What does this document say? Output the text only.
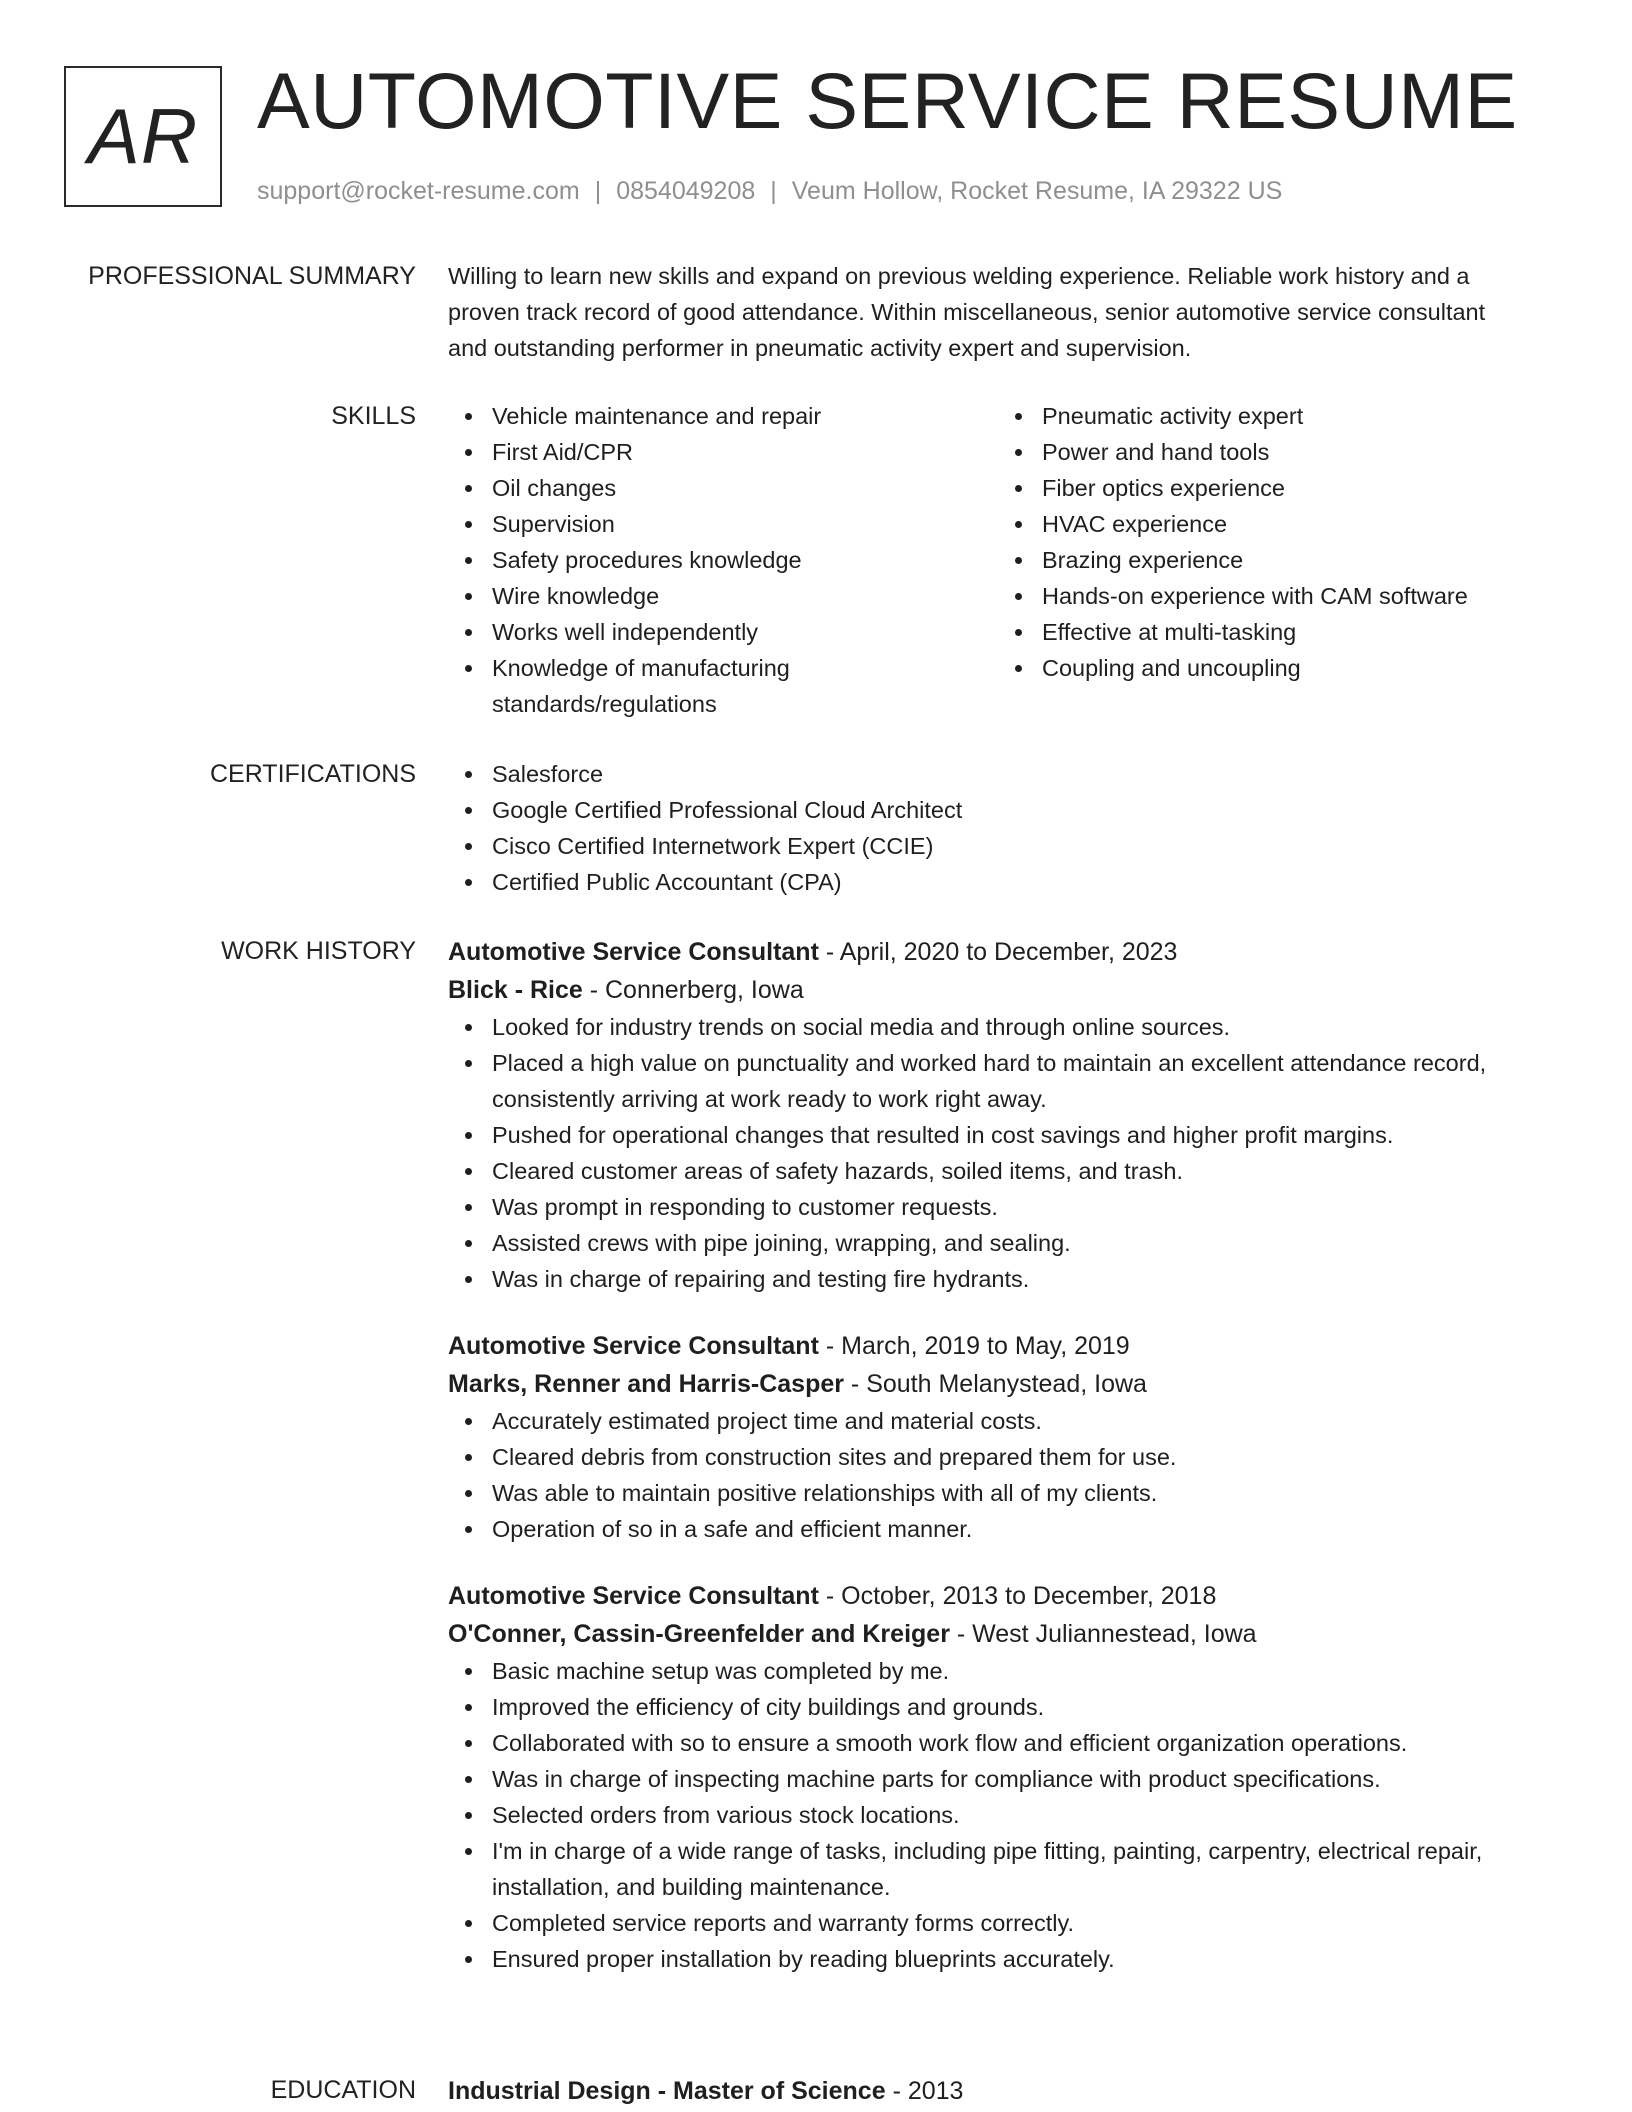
AR AUTOMOTIVE SERVICE RESUME
support@rocket-resume.com | 0854049208 | Veum Hollow, Rocket Resume, IA 29322 US
PROFESSIONAL SUMMARY Willing to learn new skills and expand on previous welding experience. Reliable work history and a
proven track record of good attendance. Within miscellaneous, senior automotive service consultant
and outstanding performer in pneumatic activity expert and supervision.
SKILLS	Vehicle maintenance and repair
First Aid/CPR
Oil changes
Supervision
Safety procedures knowledge
Wire knowledge
Works well independently
Knowledge of manufacturing standards/regulations
Pneumatic activity expert
Power and hand tools
Fiber optics experience
HVAC experience
Brazing experience
Hands-on experience with CAM software
Effective at multi-tasking
Coupling and uncoupling
CERTIFICATIONS	Salesforce
Google Certified Professional Cloud Architect
Cisco Certified Internetwork Expert (CCIE)
Certified Public Accountant (CPA)
WORK HISTORY Automotive Service Consultant - April, 2020 to December, 2023
Blick - Rice - Connerberg, Iowa
Looked for industry trends on social media and through online sources.
Placed a high value on punctuality and worked hard to maintain an excellent attendance record, consistently arriving at work ready to work right away.
Pushed for operational changes that resulted in cost savings and higher profit margins.
Cleared customer areas of safety hazards, soiled items, and trash.
Was prompt in responding to customer requests.
Assisted crews with pipe joining, wrapping, and sealing.
Was in charge of repairing and testing fire hydrants.
Automotive Service Consultant - March, 2019 to May, 2019
Marks, Renner and Harris-Casper - South Melanystead, Iowa
Accurately estimated project time and material costs.
Cleared debris from construction sites and prepared them for use.
Was able to maintain positive relationships with all of my clients.
Operation of so in a safe and efficient manner.
Automotive Service Consultant - October, 2013 to December, 2018
O'Conner, Cassin-Greenfelder and Kreiger - West Juliannestead, Iowa
Basic machine setup was completed by me.
Improved the efficiency of city buildings and grounds.
Collaborated with so to ensure a smooth work flow and efficient organization operations.
Was in charge of inspecting machine parts for compliance with product specifications.
Selected orders from various stock locations.
I'm in charge of a wide range of tasks, including pipe fitting, painting, carpentry, electrical repair, installation, and building maintenance.
Completed service reports and warranty forms correctly.
Ensured proper installation by reading blueprints accurately.
EDUCATION Industrial Design - Master of Science - 2013
